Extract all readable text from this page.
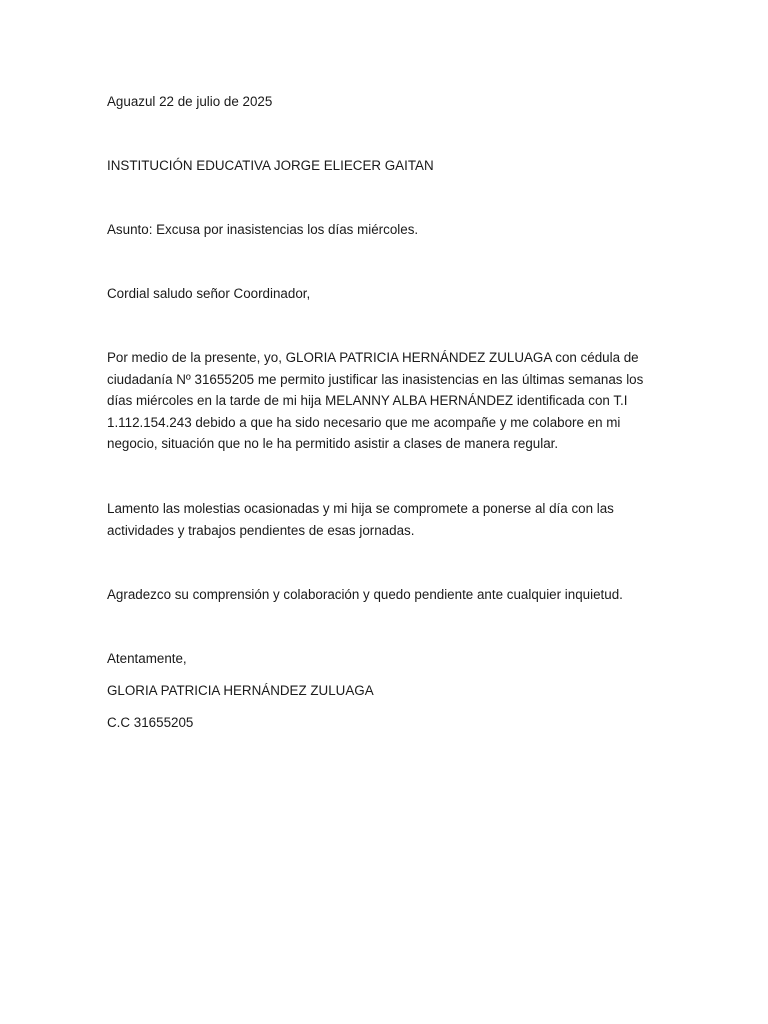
Aguazul 22 de julio de 2025
INSTITUCIÓN EDUCATIVA JORGE ELIECER GAITAN
Asunto: Excusa por inasistencias los días miércoles.
Cordial saludo señor Coordinador,
Por medio de la presente, yo, GLORIA PATRICIA HERNÁNDEZ ZULUAGA con cédula de
ciudadanía Nº 31655205 me permito justificar las inasistencias en las últimas semanas los
días miércoles en la tarde de mi hija MELANNY ALBA HERNÁNDEZ identificada con T.I
1.112.154.243 debido a que ha sido necesario que me acompañe y me colabore en mi
negocio, situación que no le ha permitido asistir a clases de manera regular.
Lamento las molestias ocasionadas y mi hija se compromete a ponerse al día con las
actividades y trabajos pendientes de esas jornadas.
Agradezco su comprensión y colaboración y quedo pendiente ante cualquier inquietud.
Atentamente,
GLORIA PATRICIA HERNÁNDEZ ZULUAGA
C.C 31655205
